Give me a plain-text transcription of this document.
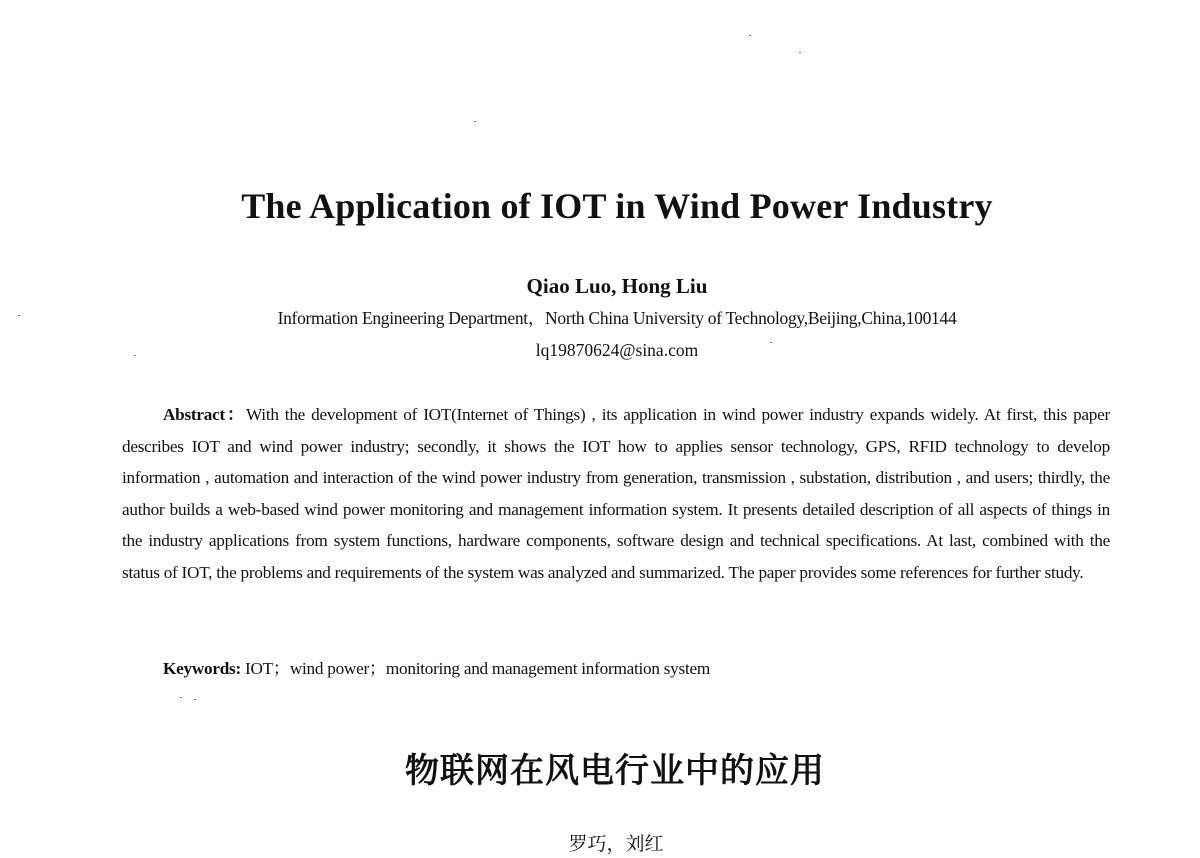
The Application of IOT in Wind Power Industry
Qiao Luo, Hong Liu
Information Engineering Department，North China University of Technology,Beijing,China,100144
lq19870624@sina.com
Abstract：With the development of IOT(Internet of Things) , its application in wind power industry expands widely. At first, this paper describes IOT and wind power industry; secondly, it shows the IOT how to applies sensor technology, GPS, RFID technology to develop information , automation and interaction of the wind power industry from generation, transmission , substation, distribution , and users; thirdly, the author builds a web-based wind power monitoring and management information system. It presents detailed description of all aspects of things in the industry applications from system functions, hardware components, software design and technical specifications. At last, combined with the status of IOT, the problems and requirements of the system was analyzed and summarized. The paper provides some references for further study.
Keywords: IOT；wind power；monitoring and management information system
物联网在风电行业中的应用
罗巧，刘红
